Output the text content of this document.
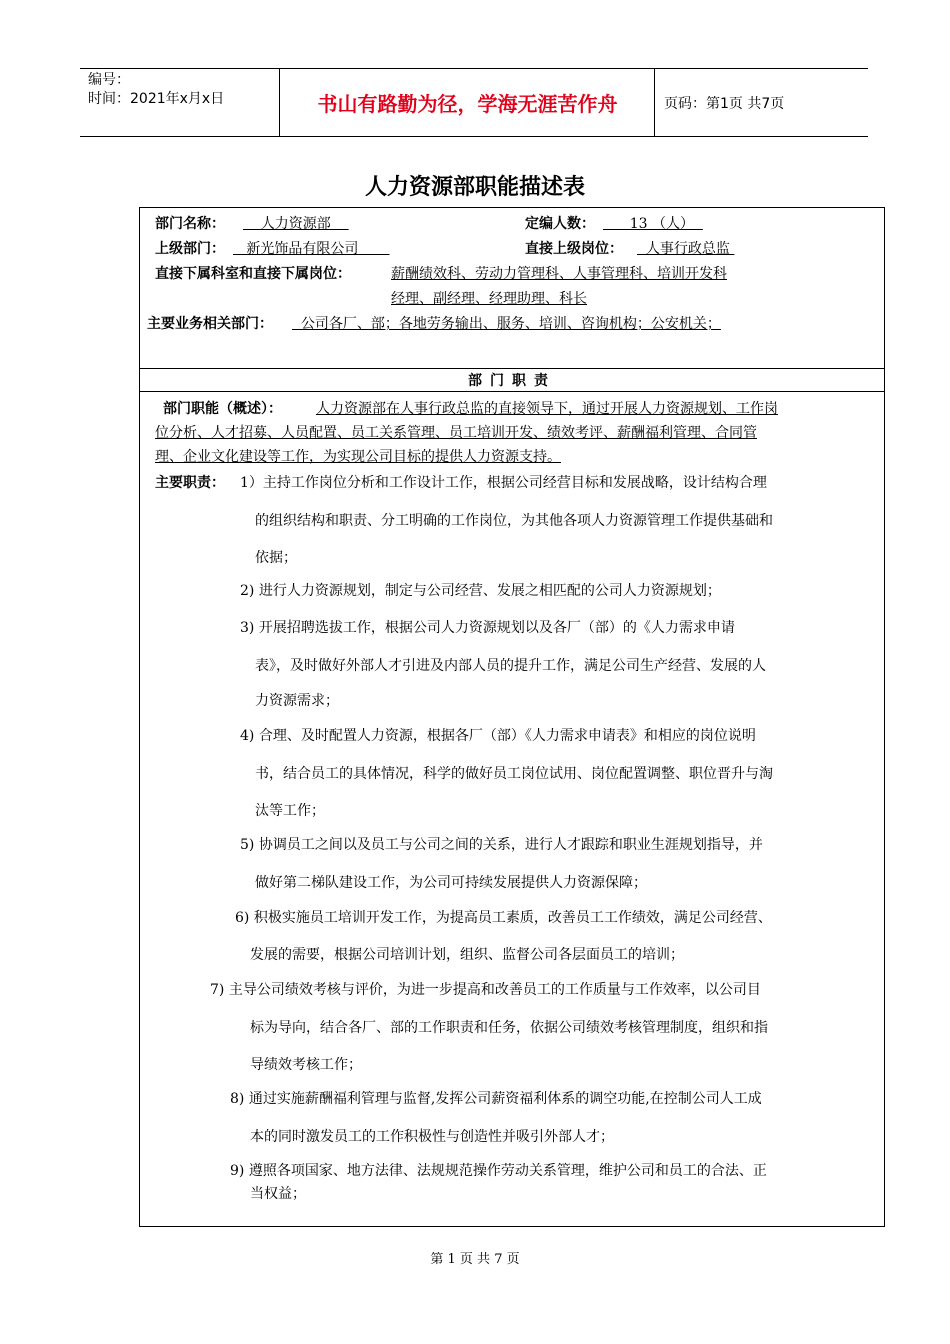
编号：
时间：2021年x月x日	书山有路勤为径，学海无涯苦作舟	页码：第1页 共7页
人力资源部职能描述表
部门名称： 人力资源部	定编人数： 13 （人）
上级部门： 新光饰品有限公司	直接上级岗位： 人事行政总监
直接下属科室和直接下属岗位：	薪酬绩效科、劳动力管理科、人事管理科、培训开发科
经理、副经理、经理助理、科长
主要业务相关部门： 公司各厂、部；各地劳务输出、服务、培训、咨询机构；公安机关；
部门职责
部门职能（概述）： 人力资源部在人事行政总监的直接领导下，通过开展人力资源规划、工作岗
位分析、人才招募、人员配置、员工关系管理、员工培训开发、绩效考评、薪酬福利管理、合同管
理、企业文化建设等工作，为实现公司目标的提供人力资源支持。
主要职责： 1）主持工作岗位分析和工作设计工作，根据公司经营目标和发展战略，设计结构合理
的组织结构和职责、分工明确的工作岗位，为其他各项人力资源管理工作提供基础和
依据；
2) 进行人力资源规划，制定与公司经营、发展之相匹配的公司人力资源规划；
3) 开展招聘选拔工作，根据公司人力资源规划以及各厂（部）的《人力需求申请
表》，及时做好外部人才引进及内部人员的提升工作，满足公司生产经营、发展的人
力资源需求；
4) 合理、及时配置人力资源，根据各厂（部）《人力需求申请表》和相应的岗位说明
书，结合员工的具体情况，科学的做好员工岗位试用、岗位配置调整、职位晋升与淘
汰等工作；
5) 协调员工之间以及员工与公司之间的关系，进行人才跟踪和职业生涯规划指导，并
做好第二梯队建设工作，为公司可持续发展提供人力资源保障；
6) 积极实施员工培训开发工作，为提高员工素质，改善员工工作绩效，满足公司经营、
发展的需要，根据公司培训计划，组织、监督公司各层面员工的培训；
7) 主导公司绩效考核与评价，为进一步提高和改善员工的工作质量与工作效率，以公司目
标为导向，结合各厂、部的工作职责和任务，依据公司绩效考核管理制度，组织和指
导绩效考核工作；
8) 通过实施薪酬福利管理与监督,发挥公司薪资福利体系的调空功能,在控制公司人工成
本的同时激发员工的工作积极性与创造性并吸引外部人才；
9) 遵照各项国家、地方法律、法规规范操作劳动关系管理，维护公司和员工的合法、正
当权益；
第 1 页 共 7 页
